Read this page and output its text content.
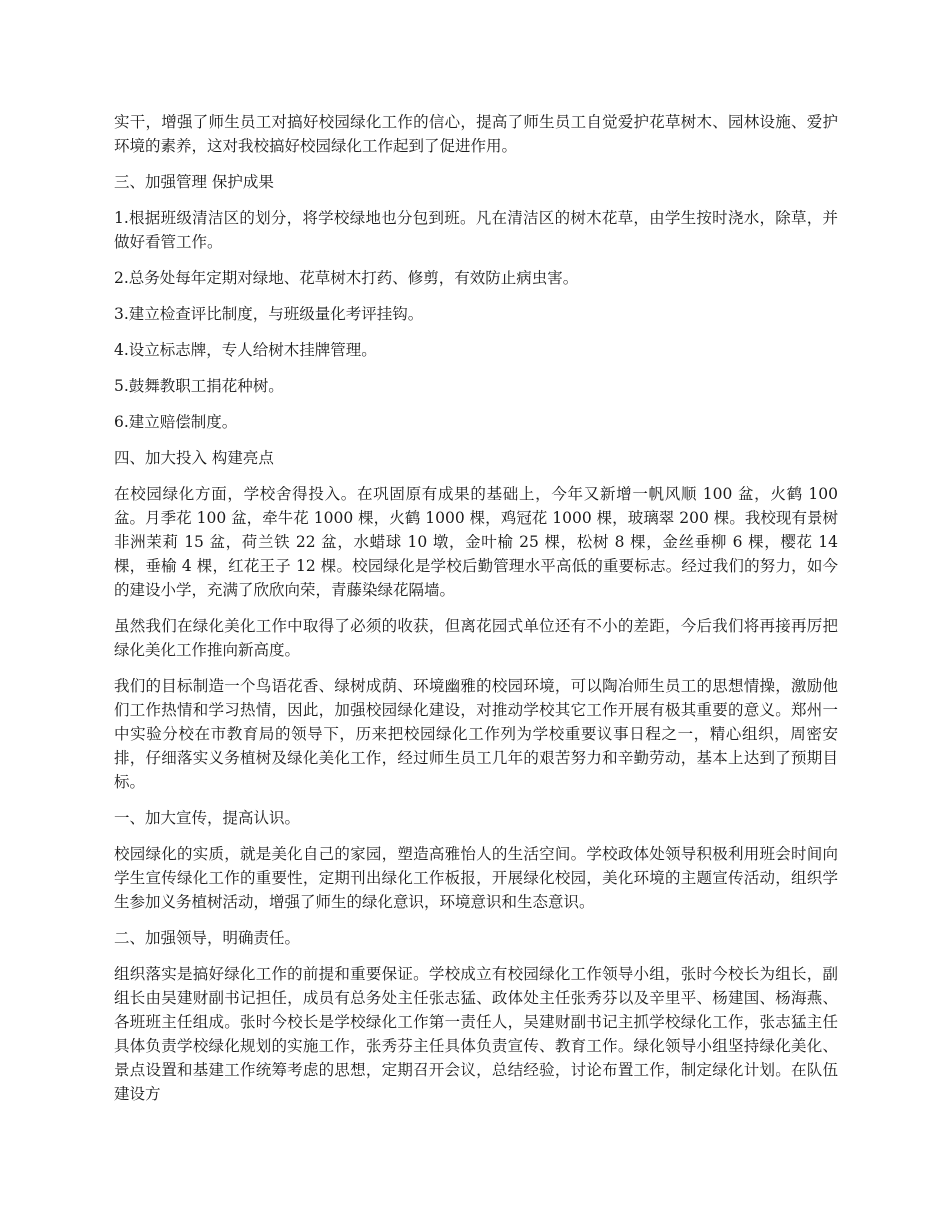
实干，增强了师生员工对搞好校园绿化工作的信心，提高了师生员工自觉爱护花草树木、园林设施、爱护环境的素养，这对我校搞好校园绿化工作起到了促进作用。

三、加强管理 保护成果

1.根据班级清洁区的划分，将学校绿地也分包到班。凡在清洁区的树木花草，由学生按时浇水，除草，并做好看管工作。

2.总务处每年定期对绿地、花草树木打药、修剪，有效防止病虫害。

3.建立检查评比制度，与班级量化考评挂钩。

4.设立标志牌，专人给树木挂牌管理。

5.鼓舞教职工捐花种树。

6.建立赔偿制度。

四、加大投入 构建亮点

在校园绿化方面，学校舍得投入。在巩固原有成果的基础上，今年又新增一帆风顺 100 盆，火鹤 100 盆。月季花 100 盆，牵牛花 1000 棵，火鹤 1000 棵，鸡冠花 1000 棵，玻璃翠 200 棵。我校现有景树非洲茉莉 15 盆，荷兰铁 22 盆，水蜡球 10 墩，金叶榆 25 棵，松树 8 棵，金丝垂柳 6 棵，樱花 14 棵，垂榆 4 棵，红花王子 12 棵。校园绿化是学校后勤管理水平高低的重要标志。经过我们的努力，如今的建设小学，充满了欣欣向荣，青藤染绿花隔墙。

虽然我们在绿化美化工作中取得了必须的收获，但离花园式单位还有不小的差距，今后我们将再接再厉把绿化美化工作推向新高度。

我们的目标制造一个鸟语花香、绿树成荫、环境幽雅的校园环境，可以陶冶师生员工的思想情操，激励他们工作热情和学习热情，因此，加强校园绿化建设，对推动学校其它工作开展有极其重要的意义。郑州一中实验分校在市教育局的领导下，历来把校园绿化工作列为学校重要议事日程之一，精心组织，周密安排，仔细落实义务植树及绿化美化工作，经过师生员工几年的艰苦努力和辛勤劳动，基本上达到了预期目标。

一、加大宣传，提高认识。

校园绿化的实质，就是美化自己的家园，塑造高雅怡人的生活空间。学校政体处领导积极利用班会时间向学生宣传绿化工作的重要性，定期刊出绿化工作板报，开展绿化校园，美化环境的主题宣传活动，组织学生参加义务植树活动，增强了师生的绿化意识，环境意识和生态意识。

二、加强领导，明确责任。

组织落实是搞好绿化工作的前提和重要保证。学校成立有校园绿化工作领导小组，张时今校长为组长，副组长由吴建财副书记担任，成员有总务处主任张志猛、政体处主任张秀芬以及辛里平、杨建国、杨海燕、各班班主任组成。张时今校长是学校绿化工作第一责任人，吴建财副书记主抓学校绿化工作，张志猛主任具体负责学校绿化规划的实施工作，张秀芬主任具体负责宣传、教育工作。绿化领导小组坚持绿化美化、景点设置和基建工作统筹考虑的思想，定期召开会议，总结经验，讨论布置工作，制定绿化计划。在队伍建设方
